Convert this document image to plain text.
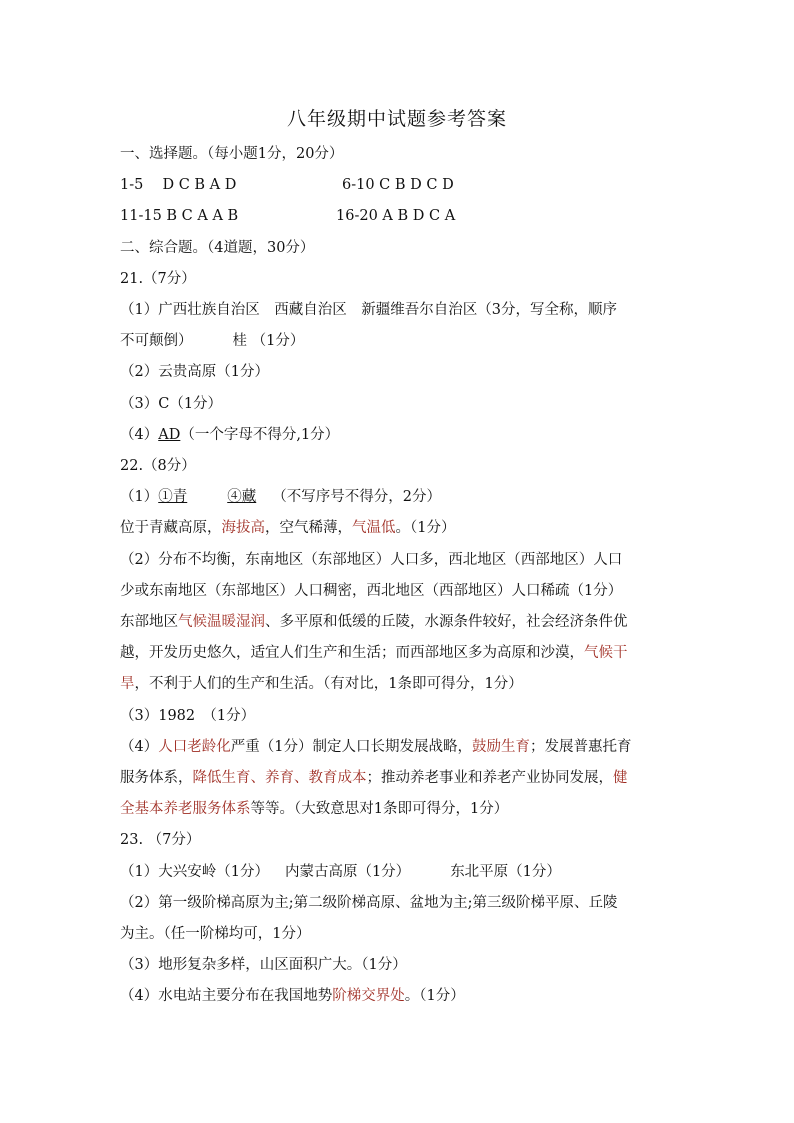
八年级期中试题参考答案
一、选择题。（每小题1分，20分）
1-5　 D C B A D	6-10 C B D C D
11-15 B C A A B	16-20 A B D C A
二、综合题。（4道题，30分）
21.（7分）
（1）广西壮族自治区　西藏自治区　新疆维吾尔自治区（3分，写全称，顺序
不可颠倒）	桂 （1分）
（2）云贵高原（1分）
（3）C（1分）
（4）AD（一个字母不得分,1分）
22.（8分）
（1）①青	④藏 （不写序号不得分，2分）
位于青藏高原，海拔高，空气稀薄，气温低。（1分）
（2）分布不均衡，东南地区（东部地区）人口多，西北地区（西部地区）人口
少或东南地区（东部地区）人口稠密，西北地区（西部地区）人口稀疏（1分）
东部地区气候温暖湿润、多平原和低缓的丘陵，水源条件较好，社会经济条件优
越，开发历史悠久，适宜人们生产和生活；而西部地区多为高原和沙漠，气候干
旱，不利于人们的生产和生活。（有对比，1条即可得分，1分）
（3）1982　（1分）
（4）人口老龄化严重（1分）制定人口长期发展战略，鼓励生育；发展普惠托育
服务体系，降低生育、养育、教育成本；推动养老事业和养老产业协同发展，健
全基本养老服务体系等等。（大致意思对1条即可得分，1分）
23. （7分）
（1）大兴安岭（1分） 内蒙古高原（1分）	东北平原（1分）
（2）第一级阶梯高原为主;第二级阶梯高原、盆地为主;第三级阶梯平原、丘陵
为主。（任一阶梯均可，1分）
（3）地形复杂多样，山区面积广大。（1分）
（4）水电站主要分布在我国地势阶梯交界处。（1分）
